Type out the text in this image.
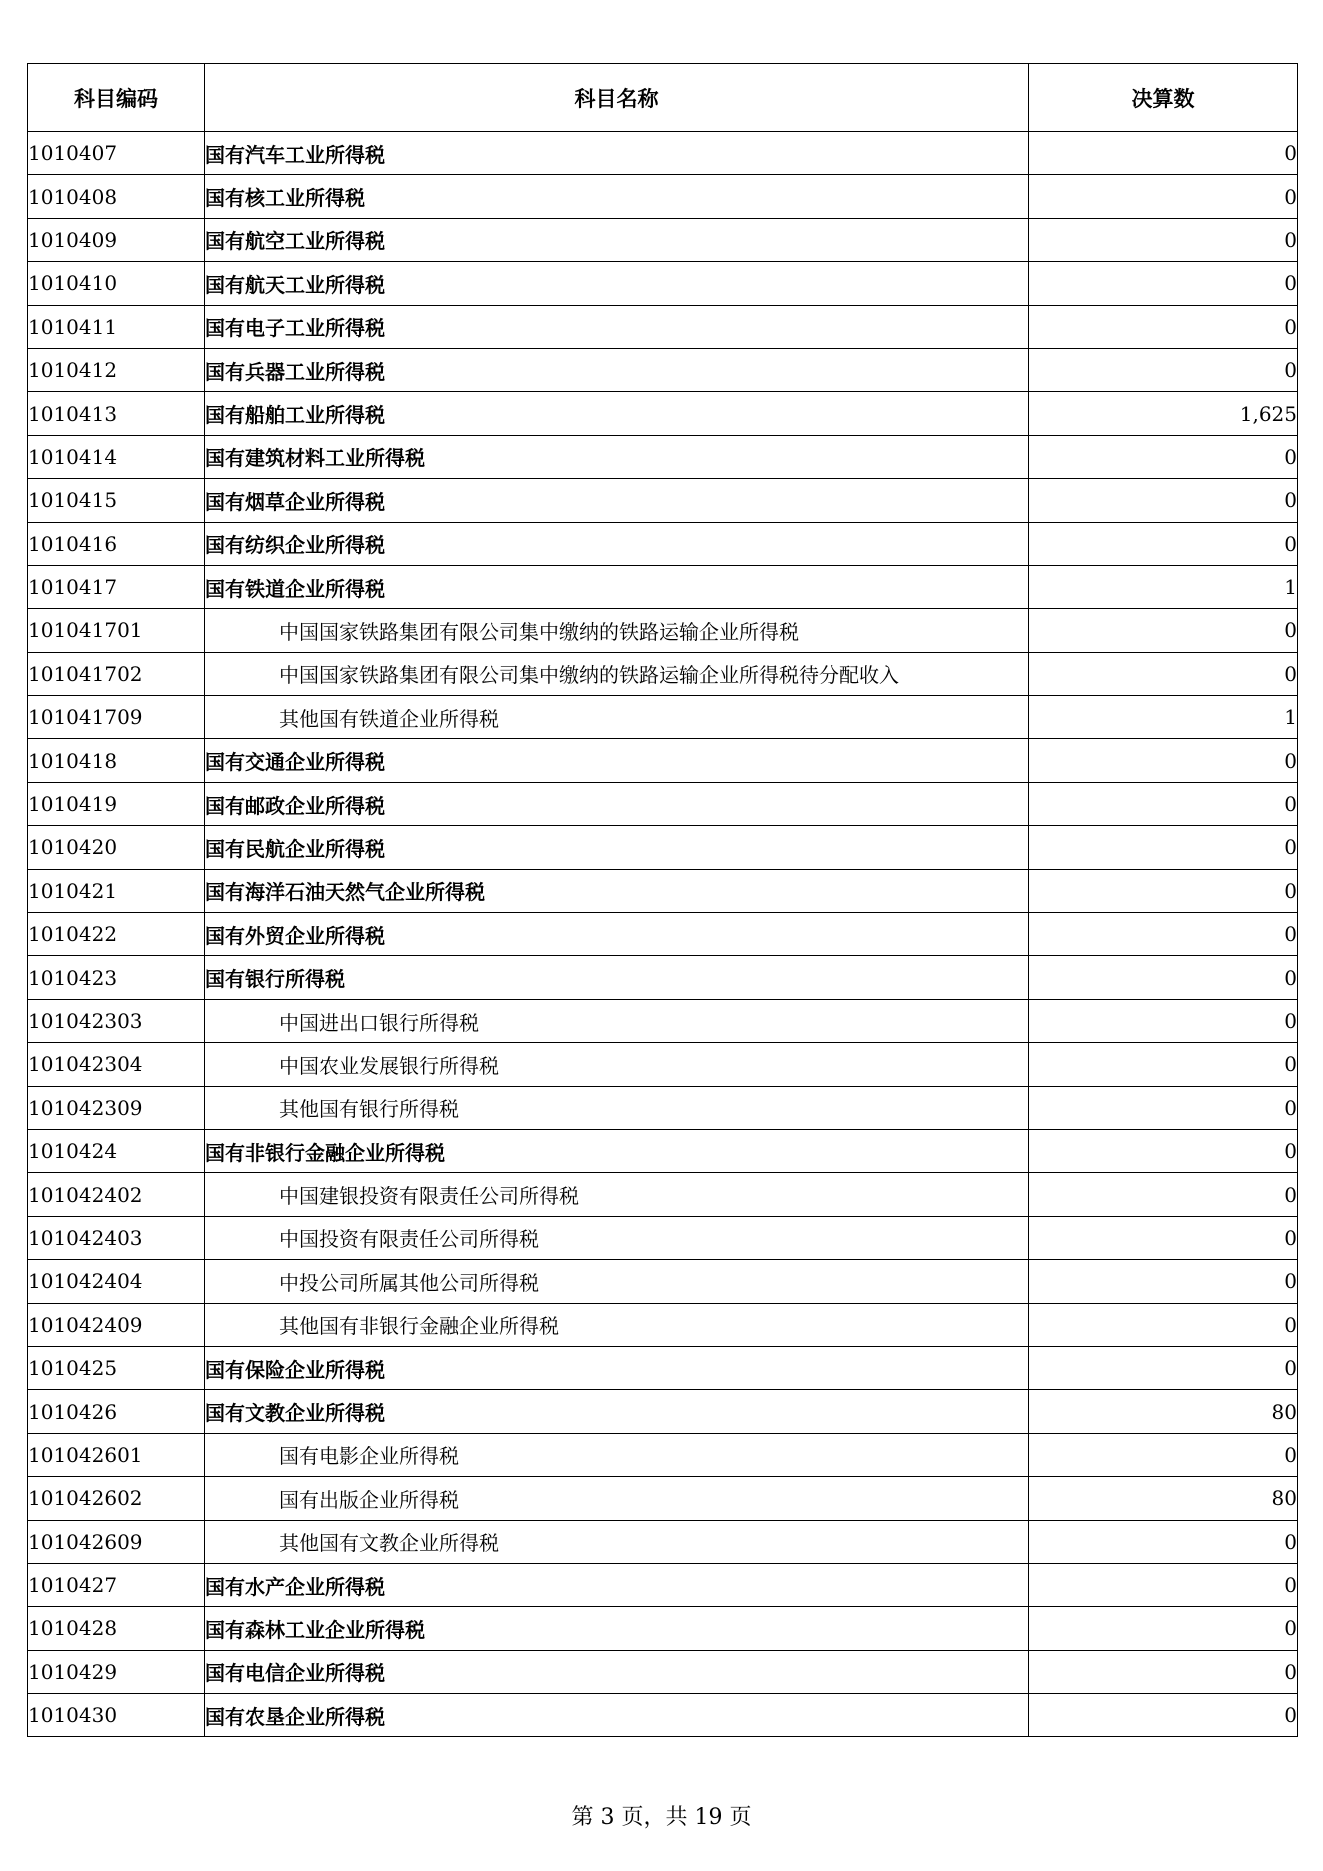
科目编码	科目名称	决算数
1010407	国有汽车工业所得税	0
1010408	国有核工业所得税	0
1010409	国有航空工业所得税	0
1010410	国有航天工业所得税	0
1010411	国有电子工业所得税	0
1010412	国有兵器工业所得税	0
1010413	国有船舶工业所得税	1,625
1010414	国有建筑材料工业所得税	0
1010415	国有烟草企业所得税	0
1010416	国有纺织企业所得税	0
1010417	国有铁道企业所得税	1
101041701	中国国家铁路集团有限公司集中缴纳的铁路运输企业所得税	0
101041702	中国国家铁路集团有限公司集中缴纳的铁路运输企业所得税待分配收入	0
101041709	其他国有铁道企业所得税	1
1010418	国有交通企业所得税	0
1010419	国有邮政企业所得税	0
1010420	国有民航企业所得税	0
1010421	国有海洋石油天然气企业所得税	0
1010422	国有外贸企业所得税	0
1010423	国有银行所得税	0
101042303	中国进出口银行所得税	0
101042304	中国农业发展银行所得税	0
101042309	其他国有银行所得税	0
1010424	国有非银行金融企业所得税	0
101042402	中国建银投资有限责任公司所得税	0
101042403	中国投资有限责任公司所得税	0
101042404	中投公司所属其他公司所得税	0
101042409	其他国有非银行金融企业所得税	0
1010425	国有保险企业所得税	0
1010426	国有文教企业所得税	80
101042601	国有电影企业所得税	0
101042602	国有出版企业所得税	80
101042609	其他国有文教企业所得税	0
1010427	国有水产企业所得税	0
1010428	国有森林工业企业所得税	0
1010429	国有电信企业所得税	0
1010430	国有农垦企业所得税	0
第 3 页，共 19 页
